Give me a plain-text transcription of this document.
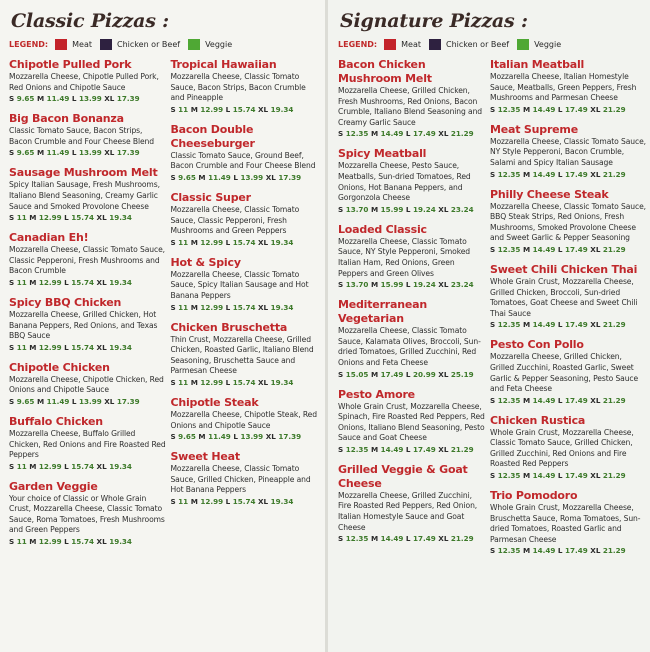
Classic Pizzas :
LEGEND:	Meat	Chicken or Beef	Veggie
Chipotle Pulled Pork
Mozzarella Cheese, Chipotle Pulled Pork, Red Onions and Chipotle Sauce
S 9.65 M 11.49 L 13.99 XL 17.39
Big Bacon Bonanza
Classic Tomato Sauce, Bacon Strips, Bacon Crumble and Four Cheese Blend
S 9.65 M 11.49 L 13.99 XL 17.39
Sausage Mushroom Melt
Spicy Italian Sausage, Fresh Mushrooms, Italiano Blend Seasoning, Creamy Garlic Sauce and Smoked Provolone Cheese
S 11 M 12.99 L 15.74 XL 19.34
Canadian Eh!
Mozzarella Cheese, Classic Tomato Sauce, Classic Pepperoni, Fresh Mushrooms and Bacon Crumble
S 11 M 12.99 L 15.74 XL 19.34
Spicy BBQ Chicken
Mozzarella Cheese, Grilled Chicken, Hot Banana Peppers, Red Onions, and Texas BBQ Sauce
S 11 M 12.99 L 15.74 XL 19.34
Chipotle Chicken
Mozzarella Cheese, Chipotle Chicken, Red Onions and Chipotle Sauce
S 9.65 M 11.49 L 13.99 XL 17.39
Buffalo Chicken
Mozzarella Cheese, Buffalo Grilled Chicken, Red Onions and Fire Roasted Red Peppers
S 11 M 12.99 L 15.74 XL 19.34
Garden Veggie
Your choice of Classic or Whole Grain Crust, Mozzarella Cheese, Classic Tomato Sauce, Roma Tomatoes, Fresh Mushrooms and Green Peppers
S 11 M 12.99 L 15.74 XL 19.34
Tropical Hawaiian
Mozzarella Cheese, Classic Tomato Sauce, Bacon Strips, Bacon Crumble and Pineapple
S 11 M 12.99 L 15.74 XL 19.34
Bacon Double Cheeseburger
Classic Tomato Sauce, Ground Beef, Bacon Crumble and Four Cheese Blend
S 9.65 M 11.49 L 13.99 XL 17.39
Classic Super
Mozzarella Cheese, Classic Tomato Sauce, Classic Pepperoni, Fresh Mushrooms and Green Peppers
S 11 M 12.99 L 15.74 XL 19.34
Hot & Spicy
Mozzarella Cheese, Classic Tomato Sauce, Spicy Italian Sausage and Hot Banana Peppers
S 11 M 12.99 L 15.74 XL 19.34
Chicken Bruschetta
Thin Crust, Mozzarella Cheese, Grilled Chicken, Roasted Garlic, Italiano Blend Seasoning, Bruschetta Sauce and Parmesan Cheese
S 11 M 12.99 L 15.74 XL 19.34
Chipotle Steak
Mozzarella Cheese, Chipotle Steak, Red Onions and Chipotle Sauce
S 9.65 M 11.49 L 13.99 XL 17.39
Sweet Heat
Mozzarella Cheese, Classic Tomato Sauce, Grilled Chicken, Pineapple and Hot Banana Peppers
S 11 M 12.99 L 15.74 XL 19.34
Signature Pizzas :
LEGEND:	Meat	Chicken or Beef	Veggie
Bacon Chicken Mushroom Melt
Mozzarella Cheese, Grilled Chicken, Fresh Mushrooms, Red Onions, Bacon Crumble, Italiano Blend Seasoning and Creamy Garlic Sauce
S 12.35 M 14.49 L 17.49 XL 21.29
Spicy Meatball
Mozzarella Cheese, Pesto Sauce, Meatballs, Sun-dried Tomatoes, Red Onions, Hot Banana Peppers, and Gorgonzola Cheese
S 13.70 M 15.99 L 19.24 XL 23.24
Loaded Classic
Mozzarella Cheese, Classic Tomato Sauce, NY Style Pepperoni, Smoked Italian Ham, Red Onions, Green Peppers and Green Olives
S 13.70 M 15.99 L 19.24 XL 23.24
Mediterranean Vegetarian
Mozzarella Cheese, Classic Tomato Sauce, Kalamata Olives, Broccoli, Sun-dried Tomatoes, Grilled Zucchini, Red Onions and Feta Cheese
S 15.05 M 17.49 L 20.99 XL 25.19
Pesto Amore
Whole Grain Crust, Mozzarella Cheese, Spinach, Fire Roasted Red Peppers, Red Onions, Italiano Blend Seasoning, Pesto Sauce and Goat Cheese
S 12.35 M 14.49 L 17.49 XL 21.29
Grilled Veggie & Goat Cheese
Mozzarella Cheese, Grilled Zucchini, Fire Roasted Red Peppers, Red Onion, Italian Homestyle Sauce and Goat Cheese
S 12.35 M 14.49 L 17.49 XL 21.29
Italian Meatball
Mozzarella Cheese, Italian Homestyle Sauce, Meatballs, Green Peppers, Fresh Mushrooms and Parmesan Cheese
S 12.35 M 14.49 L 17.49 XL 21.29
Meat Supreme
Mozzarella Cheese, Classic Tomato Sauce, NY Style Pepperoni, Bacon Crumble, Salami and Spicy Italian Sausage
S 12.35 M 14.49 L 17.49 XL 21.29
Philly Cheese Steak
Mozzarella Cheese, Classic Tomato Sauce, BBQ Steak Strips, Red Onions, Fresh Mushrooms, Smoked Provolone Cheese and Sweet Garlic & Pepper Seasoning
S 12.35 M 14.49 L 17.49 XL 21.29
Sweet Chili Chicken Thai
Whole Grain Crust, Mozzarella Cheese, Grilled Chicken, Broccoli, Sun-dried Tomatoes, Goat Cheese and Sweet Chili Thai Sauce
S 12.35 M 14.49 L 17.49 XL 21.29
Pesto Con Pollo
Mozzarella Cheese, Grilled Chicken, Grilled Zucchini, Roasted Garlic, Sweet Garlic & Pepper Seasoning, Pesto Sauce and Feta Cheese
S 12.35 M 14.49 L 17.49 XL 21.29
Chicken Rustica
Whole Grain Crust, Mozzarella Cheese, Classic Tomato Sauce, Grilled Chicken, Grilled Zucchini, Red Onions and Fire Roasted Red Peppers
S 12.35 M 14.49 L 17.49 XL 21.29
Trio Pomodoro
Whole Grain Crust, Mozzarella Cheese, Bruschetta Sauce, Roma Tomatoes, Sun-dried Tomatoes, Roasted Garlic and Parmesan Cheese
S 12.35 M 14.49 L 17.49 XL 21.29
